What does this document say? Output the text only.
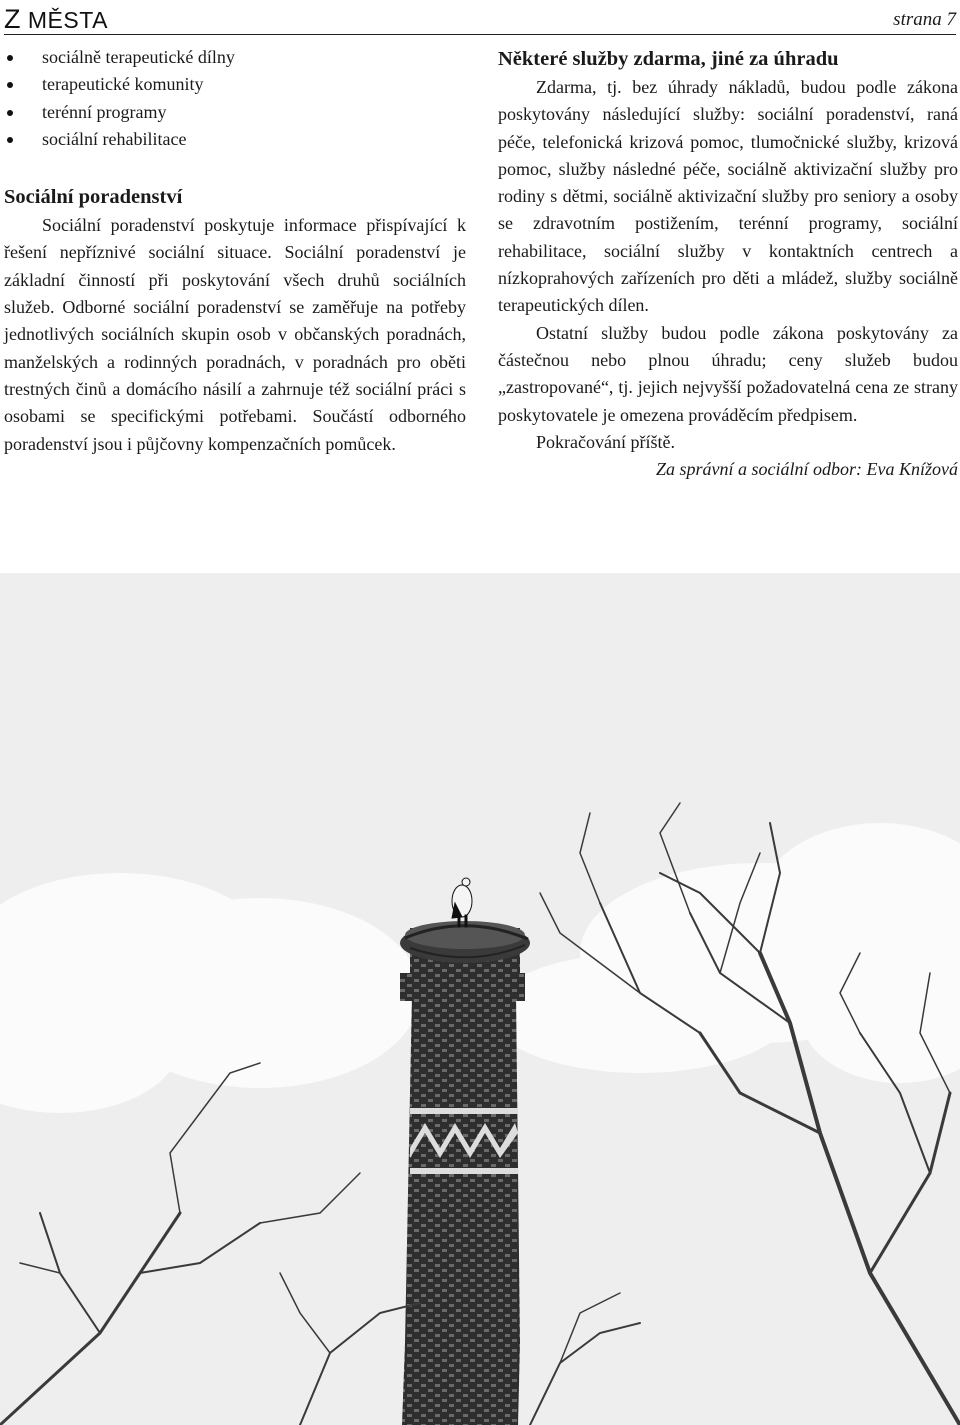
Z MĚSTA	strana 7
sociálně terapeutické dílny
terapeutické komunity
terénní programy
sociální rehabilitace
Sociální poradenství

Sociální poradenství poskytuje informace přispívající k řešení nepříznivé sociální situace. Sociální poradenství je základní činností při poskytování všech druhů sociálních služeb. Odborné sociální poradenství se zaměřuje na potřeby jednotlivých sociálních skupin osob v občanských poradnách, manželských a rodinných poradnách, v poradnách pro oběti trestných činů a domácího násilí a zahrnuje též sociální práci s osobami se specifickými potřebami. Součástí odborného poradenství jsou i půjčovny kompenzačních pomůcek.

Některé služby zdarma, jiné za úhradu

Zdarma, tj. bez úhrady nákladů, budou podle zákona poskytovány následující služby: sociální poradenství, raná péče, telefonická krizová pomoc, tlumočnické služby, krizová pomoc, služby následné péče, sociálně aktivizační služby pro rodiny s dětmi, sociálně aktivizační služby pro seniory a osoby se zdravotním postižením, terénní programy, sociální rehabilitace, sociální služby v kontaktních centrech a nízkoprahových zařízeních pro děti a mládež, služby sociálně terapeutických dílen.

Ostatní služby budou podle zákona poskytovány za částečnou nebo plnou úhradu; ceny služeb budou „zastropované“, tj. jejich nejvyšší požadovatelná cena ze strany poskytovatele je omezena prováděcím předpisem.

Pokračování příště.

Za správní a sociální odbor: Eva Knížová
